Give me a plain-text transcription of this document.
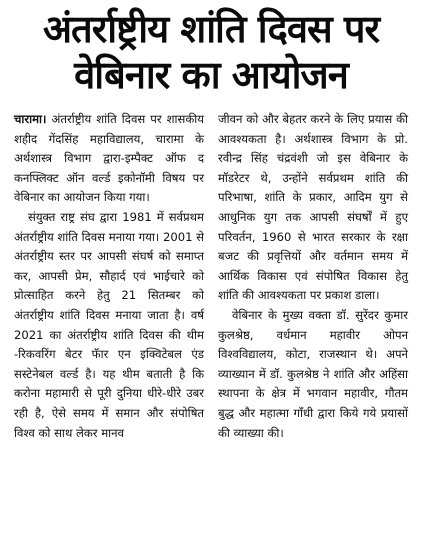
अंतर्राष्ट्रीय शांति दिवस पर
वेबिनार का आयोजन

चारामा। अंतर्राष्ट्रीय शांति दिवस पर शासकीय शहीद गेंदसिंह महाविद्यालय, चारामा के अर्थशास्त्र विभाग द्वारा-इम्पैक्ट ऑफ द कनफ्लिक्ट ऑन वर्ल्ड इकोनॉमी विषय पर वेबिनार का आयोजन किया गया।

संयुक्त राष्ट्र संघ द्वारा 1981 में सर्वप्रथम अंतर्राष्ट्रीय शांति दिवस मनाया गया। 2001 से अंतर्राष्ट्रीय स्तर पर आपसी संघर्ष को समाप्त कर, आपसी प्रेम, सौहार्द एवं भाईचारे को प्रोत्साहित करने हेतु 21 सितम्बर को अंतर्राष्ट्रीय शांति दिवस मनाया जाता है। वर्ष 2021 का अंतर्राष्ट्रीय शांति दिवस की थीम -रिकवरिंग बेटर फॅार एन इक्विटेबल एंड सस्टेनेबल वर्ल्ड है। यह थीम बताती है कि करोना महामारी से पूरी दुनिया धीरे-धीरे उबर रही है, ऐसे समय में समान और संपोषित विश्व को साथ लेकर मानव

जीवन को और बेहतर करने के लिए प्रयास की आवश्यकता है। अर्थशास्त्र विभाग के प्रो. रवीन्द्र सिंह चंद्रवंशी जो इस वेबिनार के मॉडरेटर थे, उन्होंने सर्वप्रथम शांति की परिभाषा, शांति के प्रकार, आदिम युग से आधुनिक युग तक आपसी संघर्षों में हुए परिवर्तन, 1960 से भारत सरकार के रक्षा बजट की प्रवृत्तियों और वर्तमान समय में आर्थिक विकास एवं संपोषित विकास हेतु शांति की आवश्यकता पर प्रकाश डाला।

वेबिनार के मुख्य वक्ता डॉ. सुरेंदर कुमार कुलश्रेष्ठ, वर्धमान महावीर ओपन विश्वविद्यालय, कोटा, राजस्थान थे। अपने व्याख्यान में डॉ. कुलश्रेष्ठ ने शांति और अहिंसा स्थापना के क्षेत्र में भगवान महावीर, गौतम बुद्ध और महात्मा गाँधी द्वारा किये गये प्रयासों की व्याख्या की।
